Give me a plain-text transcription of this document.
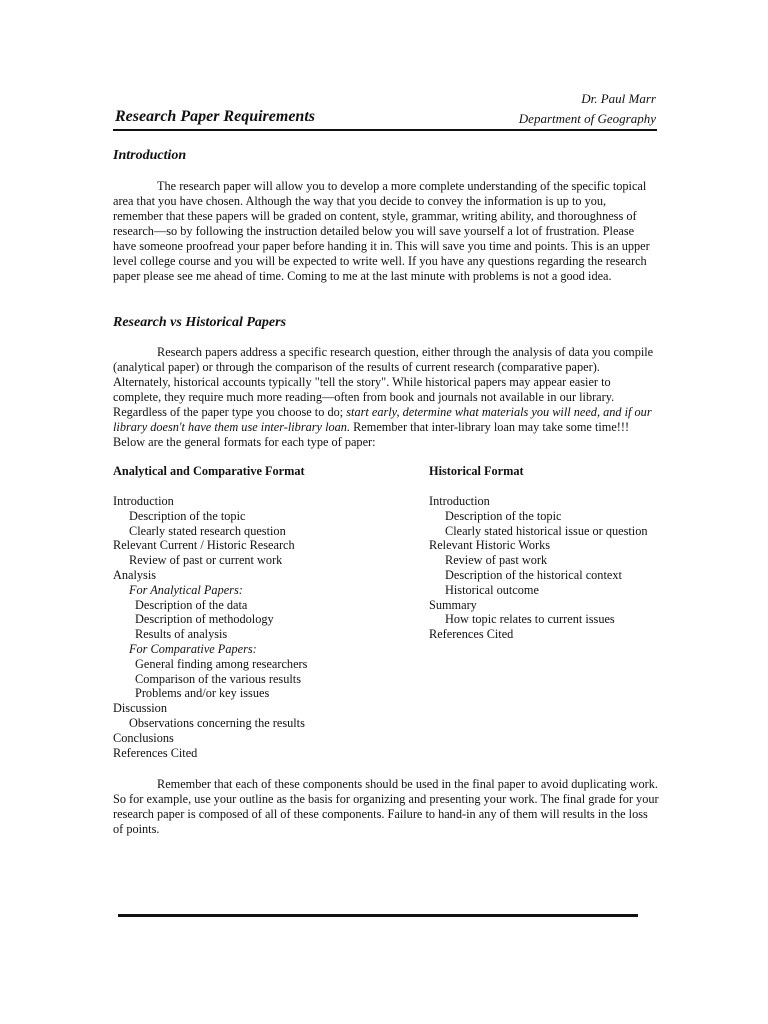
Dr. Paul Marr
Department of Geography
Research Paper Requirements
Introduction
The research paper will allow you to develop a more complete understanding of the specific topical area that you have chosen. Although the way that you decide to convey the information is up to you, remember that these papers will be graded on content, style, grammar, writing ability, and thoroughness of research—so by following the instruction detailed below you will save yourself a lot of frustration. Please have someone proofread your paper before handing it in. This will save you time and points. This is an upper level college course and you will be expected to write well. If you have any questions regarding the research paper please see me ahead of time. Coming to me at the last minute with problems is not a good idea.
Research vs Historical Papers
Research papers address a specific research question, either through the analysis of data you compile (analytical paper) or through the comparison of the results of current research (comparative paper). Alternately, historical accounts typically "tell the story". While historical papers may appear easier to complete, they require much more reading—often from book and journals not available in our library. Regardless of the paper type you choose to do; start early, determine what materials you will need, and if our library doesn't have them use inter-library loan. Remember that inter-library loan may take some time!!! Below are the general formats for each type of paper:
Analytical and Comparative Format
Introduction
Description of the topic
Clearly stated research question
Relevant Current / Historic Research
Review of past or current work
Analysis
For Analytical Papers:
Description of the data
Description of methodology
Results of analysis
For Comparative Papers:
General finding among researchers
Comparison of the various results
Problems and/or key issues
Discussion
Observations concerning the results
Conclusions
References Cited
Historical Format
Introduction
Description of the topic
Clearly stated historical issue or question
Relevant Historic Works
Review of past work
Description of the historical context
Historical outcome
Summary
How topic relates to current issues
References Cited
Remember that each of these components should be used in the final paper to avoid duplicating work. So for example, use your outline as the basis for organizing and presenting your work. The final grade for your research paper is composed of all of these components. Failure to hand-in any of them will results in the loss of points.
